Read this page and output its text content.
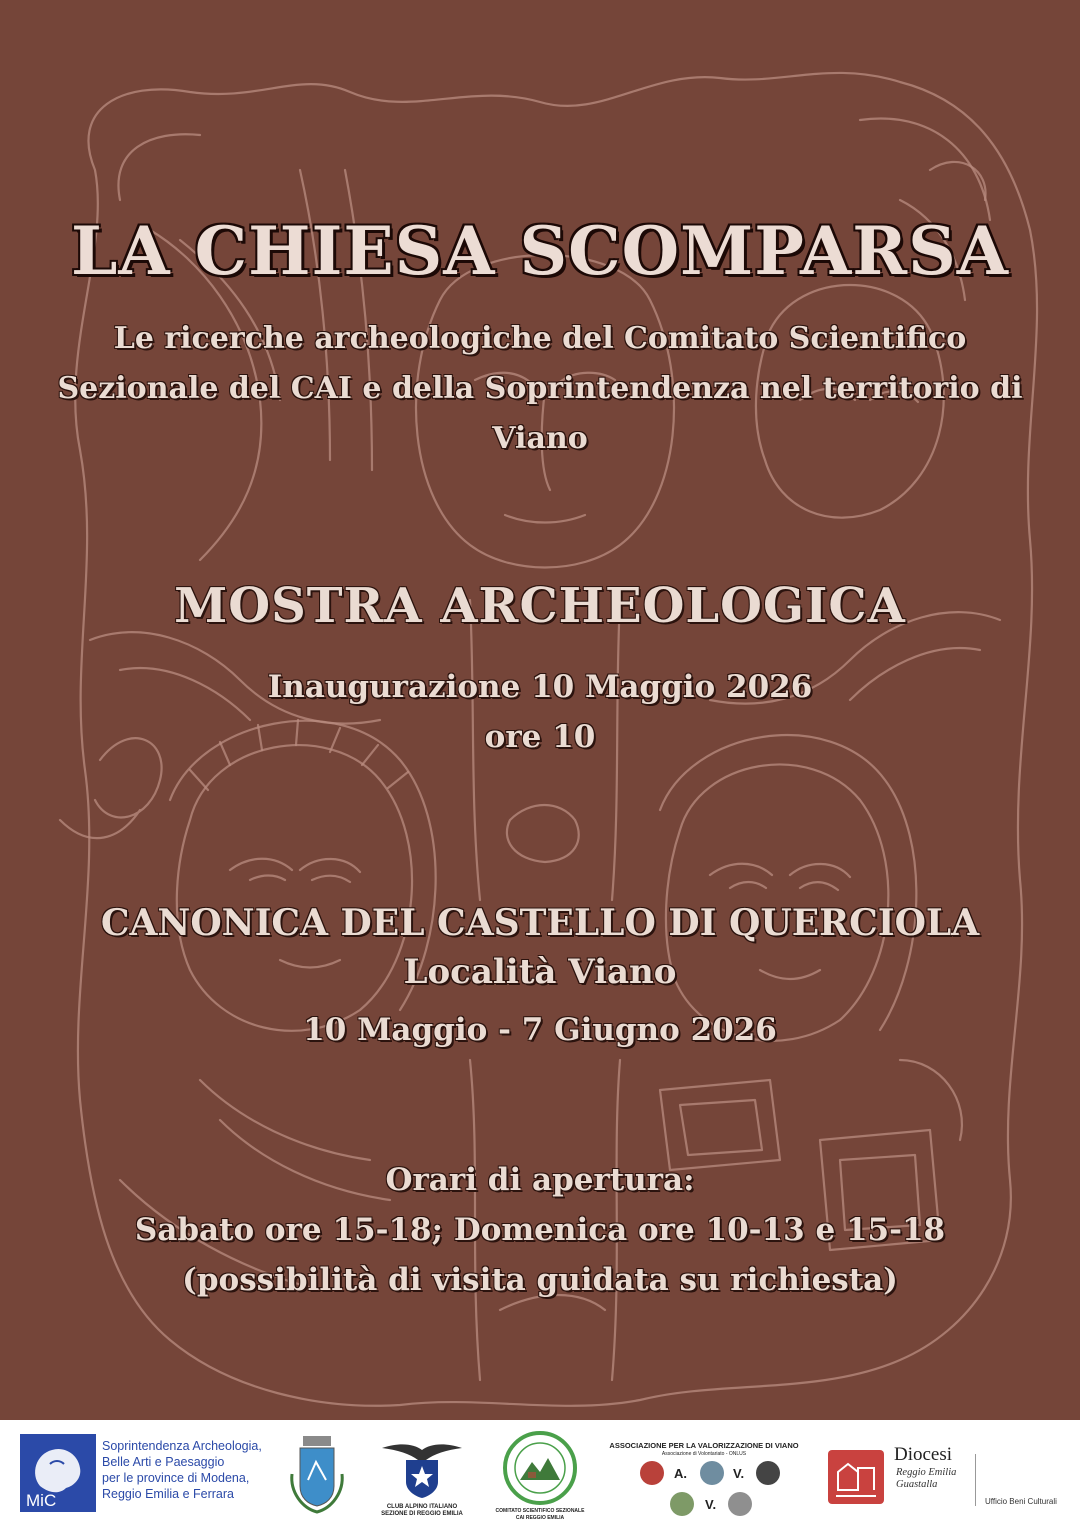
LA CHIESA SCOMPARSA
Le ricerche archeologiche del Comitato Scientifico
Sezionale del CAI e della Soprintendenza nel territorio di
Viano
MOSTRA ARCHEOLOGICA
Inaugurazione 10 Maggio 2026
ore 10
CANONICA DEL CASTELLO DI QUERCIOLA
Località Viano
10 Maggio - 7 Giugno 2026
Orari di apertura:
Sabato ore 15-18; Domenica ore 10-13 e 15-18
(possibilità di visita guidata su richiesta)
MiC
Soprintendenza Archeologia,
Belle Arti e Paesaggio
per le province di Modena,
Reggio Emilia e Ferrara
CLUB ALPINO ITALIANO
SEZIONE DI REGGIO EMILIA	COMITATO SCIENTIFICO SEZIONALE
CAI REGGIO EMILIA
ASSOCIAZIONE PER LA VALORIZZAZIONE DI VIANO
Associazione di Volontariato - ONLUS
A.	V.
V.
Diocesi
Reggio Emilia
Guastalla
Ufficio Beni Culturali
